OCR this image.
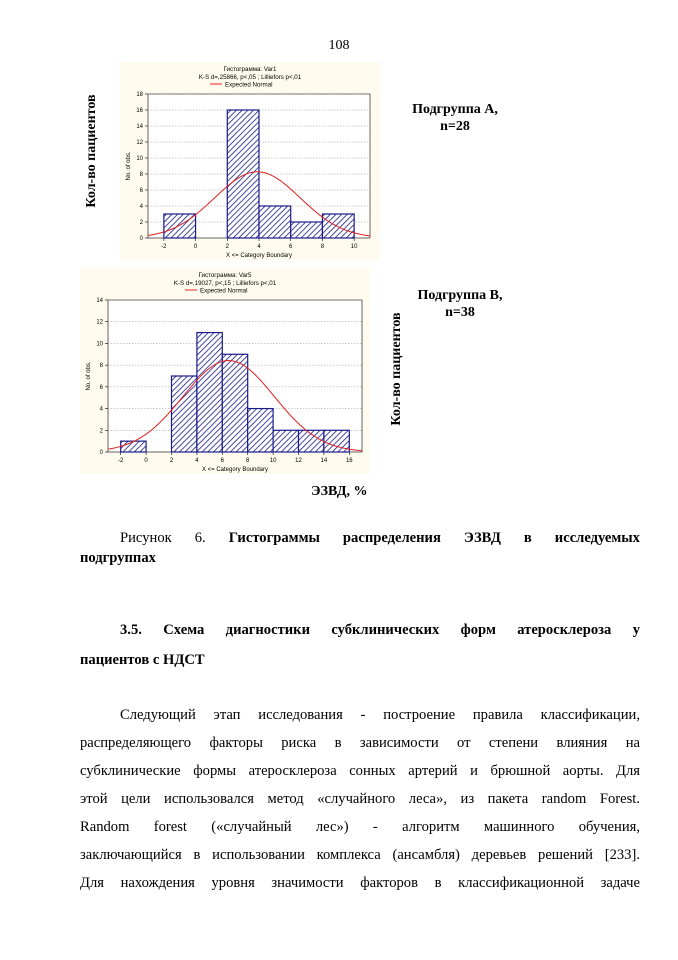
108
Гистограмма: Var1
K-S d=,25866, p<,05 ; Lilliefors p<,01
Expected Normal
0
2
4
6
8
10
12
14
16
18
-2	0	2	4	6	8	10
X <= Category Boundary
No. of obs.
Гистограмма: Var5
K-S d=,19027, p<,15 ; Lilliefors p<,01
Expected Normal
0
2
4
6
8
10
12
14
-2	0	2	4	6	8	10	12	14	16
X <= Category Boundary
No. of obs.
Кол-во пациентов
Кол-во пациентов
Подгруппа А,
n=28
Подгруппа В,
n=38
ЭЗВД, %
Рисунок 6. Гистограммы распределения ЭЗВД в исследуемых
подгруппах
3.5. Схема диагностики субклинических форм атеросклероза у
пациентов с НДСТ
Следующий этап исследования - построение правила классификации,
распределяющего факторы риска в зависимости от степени влияния на
субклинические формы атеросклероза сонных артерий и брюшной аорты. Для
этой цели использовался метод «случайного леса», из пакета random Forest.
Random forest («случайный лес») - алгоритм машинного обучения,
заключающийся в использовании комплекса (ансамбля) деревьев решений [233].
Для нахождения уровня значимости факторов в классификационной задаче
